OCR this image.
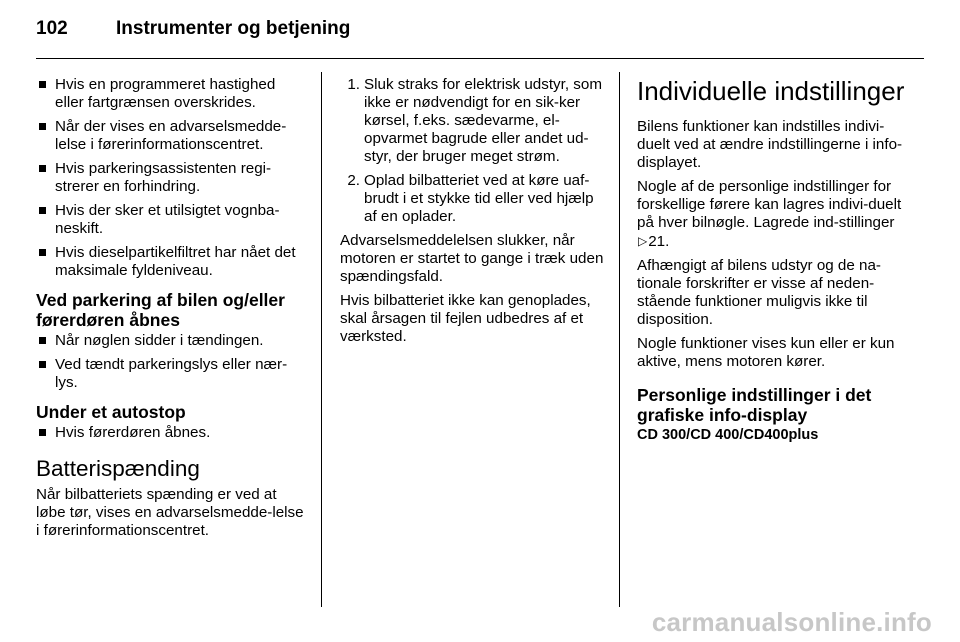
102	Instrumenter og betjening
Hvis en programmeret hastighed eller fartgrænsen overskrides.
Når der vises en advarselsmedde-lelse i førerinformationscentret.
Hvis parkeringsassistenten regi-strerer en forhindring.
Hvis der sker et utilsigtet vognba-neskift.
Hvis dieselpartikelfiltret har nået det maksimale fyldeniveau.
Ved parkering af bilen og/eller førerdøren åbnes
Når nøglen sidder i tændingen.
Ved tændt parkeringslys eller nær-lys.
Under et autostop
Hvis førerdøren åbnes.
Batterispænding

Når bilbatteriets spænding er ved at løbe tør, vises en advarselsmedde-lelse i førerinformationscentret.

1. Sluk straks for elektrisk udstyr, som ikke er nødvendigt for en sik-ker kørsel, f.eks. sædevarme, el-opvarmet bagrude eller andet ud-styr, der bruger meget strøm.
2. Oplad bilbatteriet ved at køre uaf-brudt i et stykke tid eller ved hjælp af en oplader.

Advarselsmeddelelsen slukker, når motoren er startet to gange i træk uden spændingsfald.

Hvis bilbatteriet ikke kan genoplades, skal årsagen til fejlen udbedres af et værksted.

Individuelle indstillinger

Bilens funktioner kan indstilles indivi-duelt ved at ændre indstillingerne i info-displayet.

Nogle af de personlige indstillinger for forskellige førere kan lagres indivi-duelt på hver bilnøgle. Lagrede ind-stillinger ▷21.

Afhængigt af bilens udstyr og de na-tionale forskrifter er visse af neden-stående funktioner muligvis ikke til disposition.

Nogle funktioner vises kun eller er kun aktive, mens motoren kører.

Personlige indstillinger i det grafiske info-display

CD 300/CD 400/CD400plus

carmanualsonline.info
